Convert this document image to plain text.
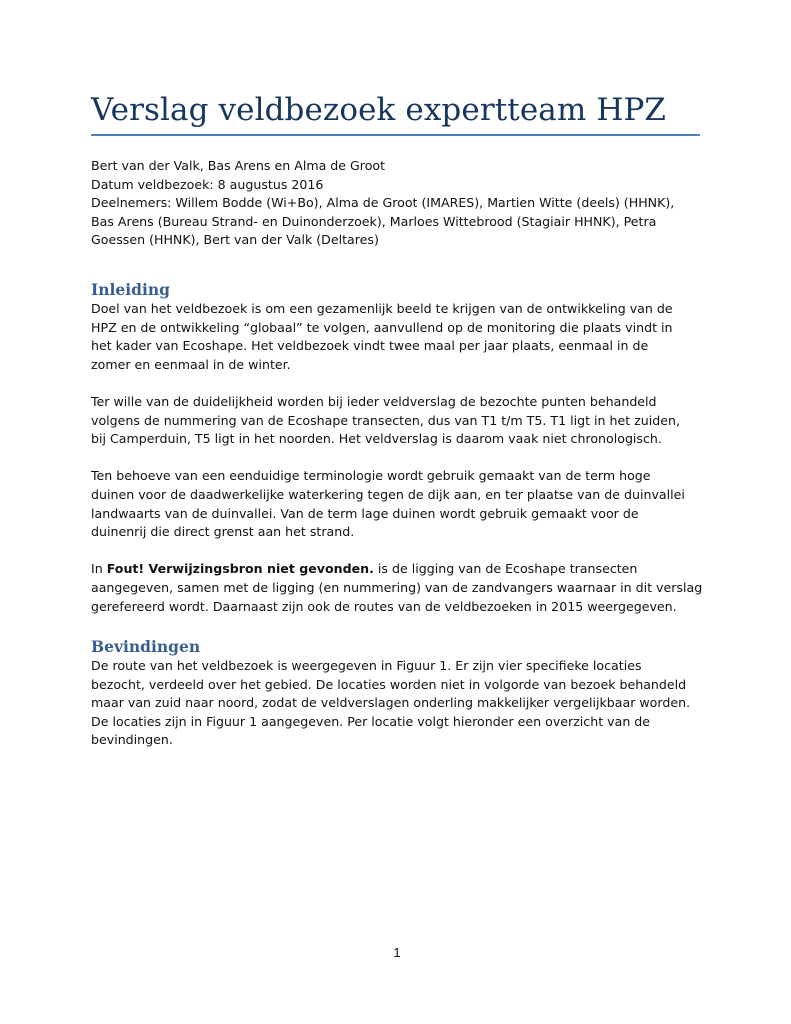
Verslag veldbezoek expertteam HPZ
Bert van der Valk, Bas Arens en Alma de Groot
Datum veldbezoek: 8 augustus 2016
Deelnemers: Willem Bodde (Wi+Bo), Alma de Groot (IMARES), Martien Witte (deels) (HHNK),
Bas Arens (Bureau Strand- en Duinonderzoek), Marloes Wittebrood (Stagiair HHNK), Petra
Goessen (HHNK), Bert van der Valk (Deltares)
Inleiding

Doel van het veldbezoek is om een gezamenlijk beeld te krijgen van de ontwikkeling van de
HPZ en de ontwikkeling “globaal” te volgen, aanvullend op de monitoring die plaats vindt in
het kader van Ecoshape. Het veldbezoek vindt twee maal per jaar plaats, eenmaal in de
zomer en eenmaal in de winter.

Ter wille van de duidelijkheid worden bij ieder veldverslag de bezochte punten behandeld
volgens de nummering van de Ecoshape transecten, dus van T1 t/m T5. T1 ligt in het zuiden,
bij Camperduin, T5 ligt in het noorden. Het veldverslag is daarom vaak niet chronologisch.

Ten behoeve van een eenduidige terminologie wordt gebruik gemaakt van de term hoge
duinen voor de daadwerkelijke waterkering tegen de dijk aan, en ter plaatse van de duinvallei
landwaarts van de duinvallei. Van de term lage duinen wordt gebruik gemaakt voor de
duinenrij die direct grenst aan het strand.

In Fout! Verwijzingsbron niet gevonden. is de ligging van de Ecoshape transecten
aangegeven, samen met de ligging (en nummering) van de zandvangers waarnaar in dit verslag
gerefereerd wordt. Daarnaast zijn ook de routes van de veldbezoeken in 2015 weergegeven.

Bevindingen

De route van het veldbezoek is weergegeven in Figuur 1. Er zijn vier specifieke locaties
bezocht, verdeeld over het gebied. De locaties worden niet in volgorde van bezoek behandeld
maar van zuid naar noord, zodat de veldverslagen onderling makkelijker vergelijkbaar worden.
De locaties zijn in Figuur 1 aangegeven. Per locatie volgt hieronder een overzicht van de
bevindingen.

1
